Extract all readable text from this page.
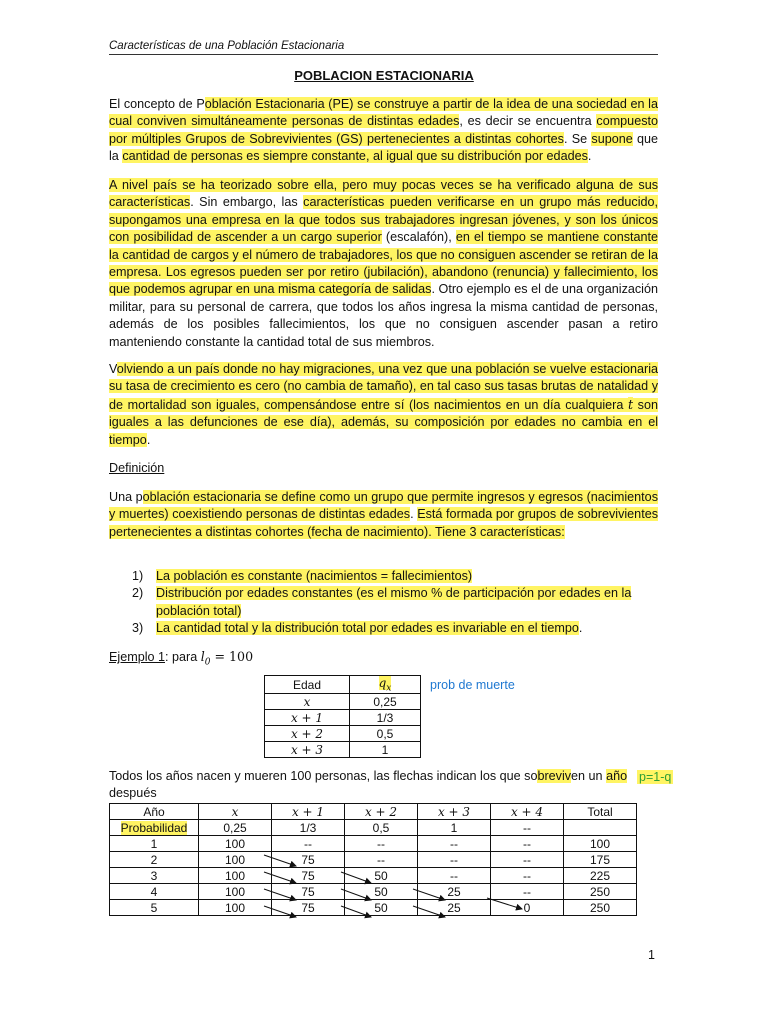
Características de una Población Estacionaria
POBLACION ESTACIONARIA
El concepto de Población Estacionaria (PE) se construye a partir de la idea de una sociedad en la cual conviven simultáneamente personas de distintas edades, es decir se encuentra compuesto por múltiples Grupos de Sobrevivientes (GS) pertenecientes a distintas cohortes. Se supone que la cantidad de personas es siempre constante, al igual que su distribución por edades.
A nivel país se ha teorizado sobre ella, pero muy pocas veces se ha verificado alguna de sus características. Sin embargo, las características pueden verificarse en un grupo más reducido, supongamos una empresa en la que todos sus trabajadores ingresan jóvenes, y son los únicos con posibilidad de ascender a un cargo superior (escalafón), en el tiempo se mantiene constante la cantidad de cargos y el número de trabajadores, los que no consiguen ascender se retiran de la empresa. Los egresos pueden ser por retiro (jubilación), abandono (renuncia) y fallecimiento, los que podemos agrupar en una misma categoría de salidas. Otro ejemplo es el de una organización militar, para su personal de carrera, que todos los años ingresa la misma cantidad de personas, además de los posibles fallecimientos, los que no consiguen ascender pasan a retiro manteniendo constante la cantidad total de sus miembros.
Volviendo a un país donde no hay migraciones, una vez que una población se vuelve estacionaria su tasa de crecimiento es cero (no cambia de tamaño), en tal caso sus tasas brutas de natalidad y de mortalidad son iguales, compensándose entre sí (los nacimientos en un día cualquiera t son iguales a las defunciones de ese día), además, su composición por edades no cambia en el tiempo.
Definición
Una población estacionaria se define como un grupo que permite ingresos y egresos (nacimientos y muertes) coexistiendo personas de distintas edades. Está formada por grupos de sobrevivientes pertenecientes a distintas cohortes (fecha de nacimiento). Tiene 3 características:
1)	La población es constante (nacimientos = fallecimientos)
2)	Distribución por edades constantes (es el mismo % de participación por edades en la población total)
3)	La cantidad total y la distribución total por edades es invariable en el tiempo.
Ejemplo 1: para $l_0 = 100$
Edad	$q_x$
x	0,25
x + 1	1/3
x + 2	0,5
x + 3	1
prob de muerte
Todos los años nacen y mueren 100 personas, las flechas indican los que sobreviven un año después
p=1-q
Año	x	x + 1	x + 2	x + 3	x + 4	Total
Probabilidad	0,25	1/3	0,5	1	--	
1	100	--	--	--	--	100
2	100	75	--	--	--	175
3	100	75	50	--	--	225
4	100	75	50	25	--	250
5	100	75	50	25	0	250
1
